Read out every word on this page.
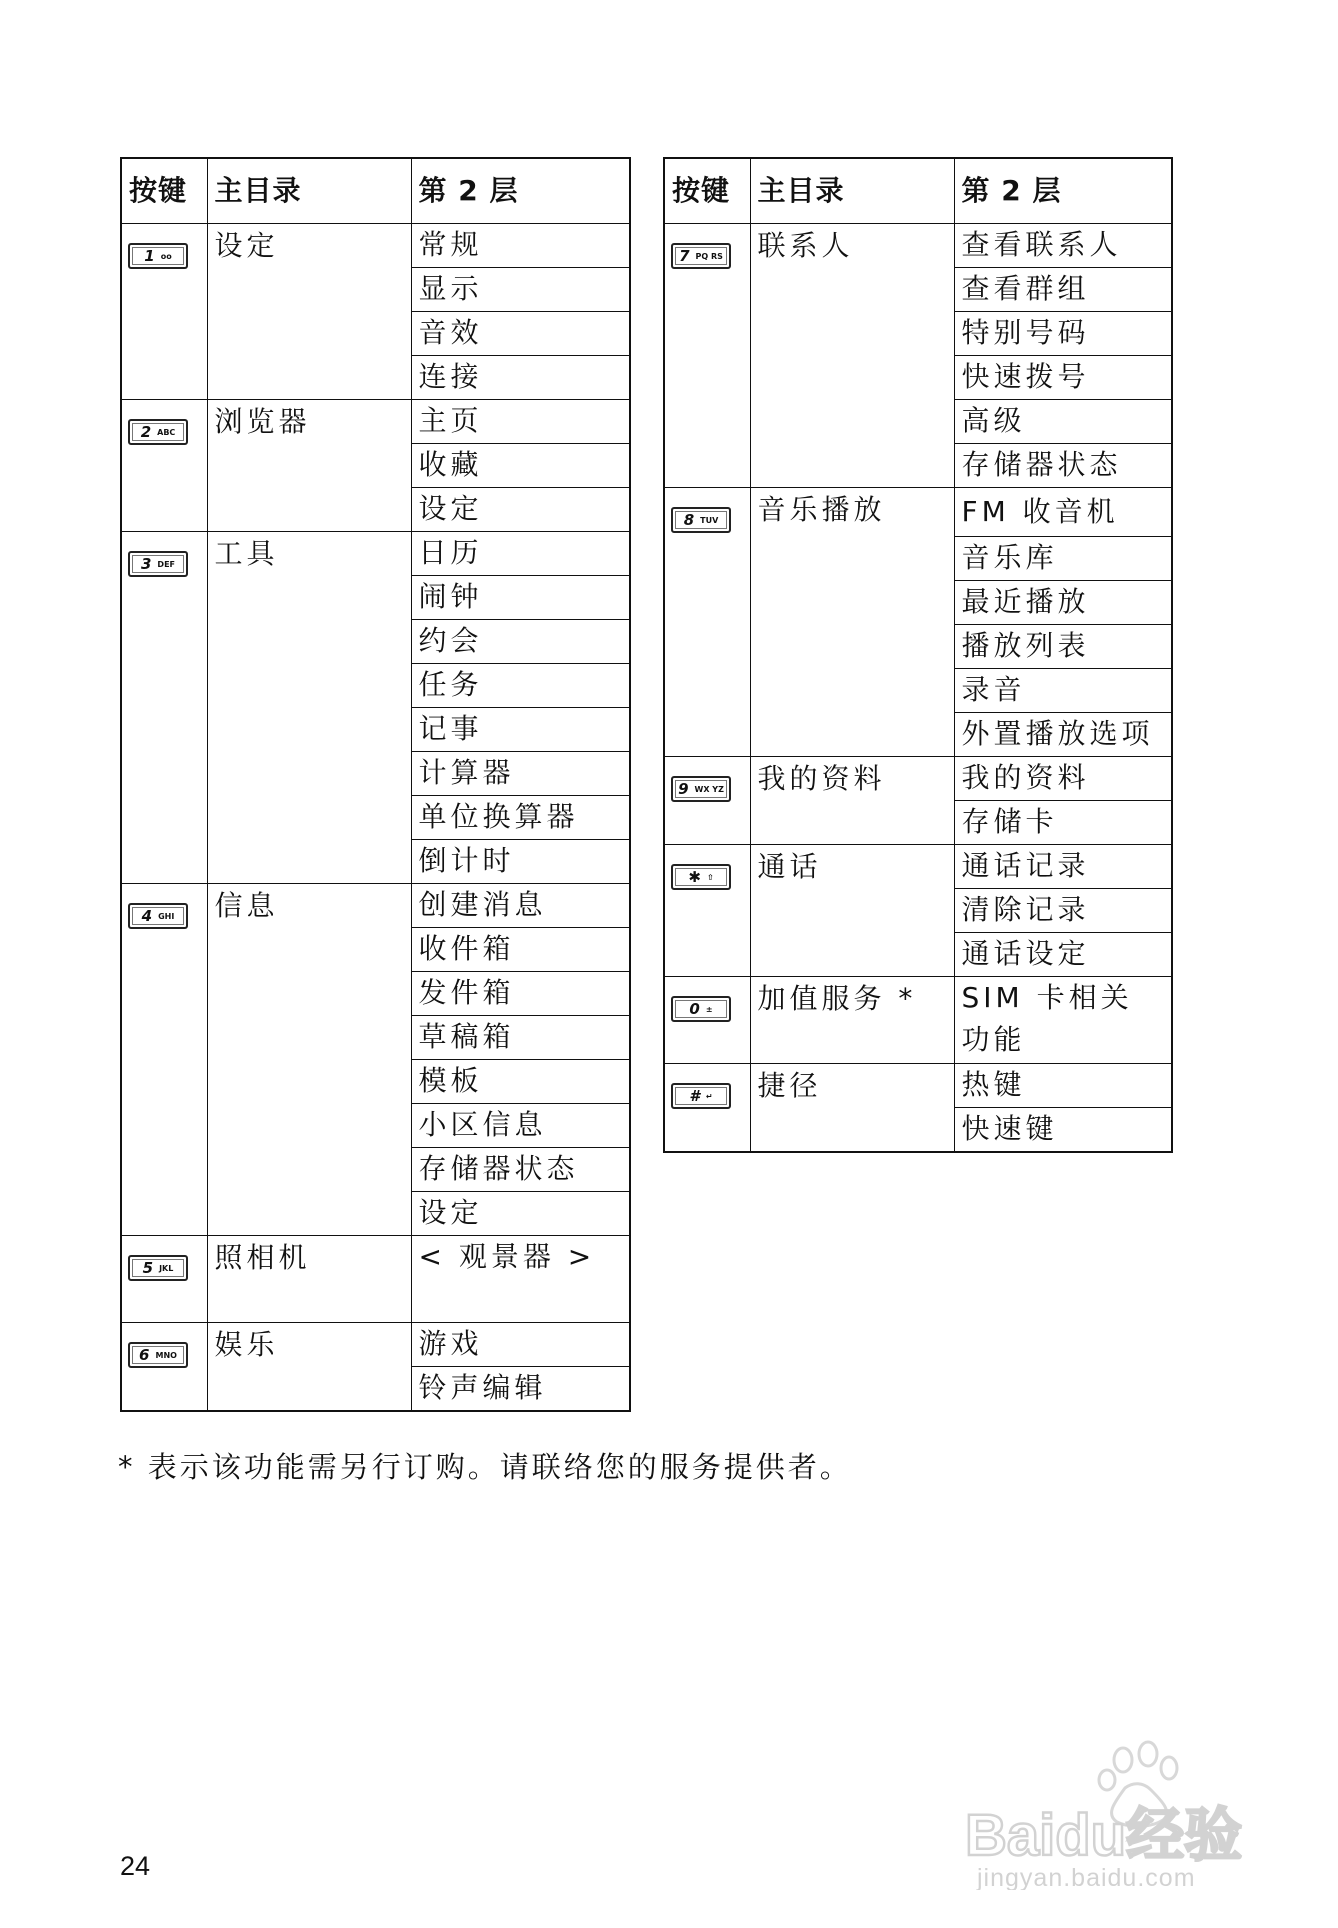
按键	主目录	第 2 层

1 oo	设定	常规
		显示
		音效
		连接

2 ABC	浏览器	主页
		收藏
		设定

3 DEF	工具	日历
		闹钟
		约会
		任务
		记事
		计算器
		单位换算器
		倒计时

4 GHI	信息	创建消息
		收件箱
		发件箱
		草稿箱
		模板
		小区信息
		存储器状态
		设定

5 JKL	照相机	< 观景器 >

6 MNO	娱乐	游戏
		铃声编辑
按键	主目录	第 2 层

7 PQ RS	联系人	查看联系人
		查看群组
		特别号码
		快速拨号
		高级
		存储器状态

8 TUV	音乐播放	FM 收音机
		音乐库
		最近播放
		播放列表
		录音
		外置播放选项

9 WX YZ	我的资料	我的资料
		存储卡

✱ ⇧	通话	通话记录
		清除记录
		通话设定

0 ±	加值服务 *	SIM 卡相关功能

# ↵	捷径	热键
		快速键
* 表示该功能需另行订购。请联络您的服务提供者。
24	Baidu经验
jingyan.baidu.com
